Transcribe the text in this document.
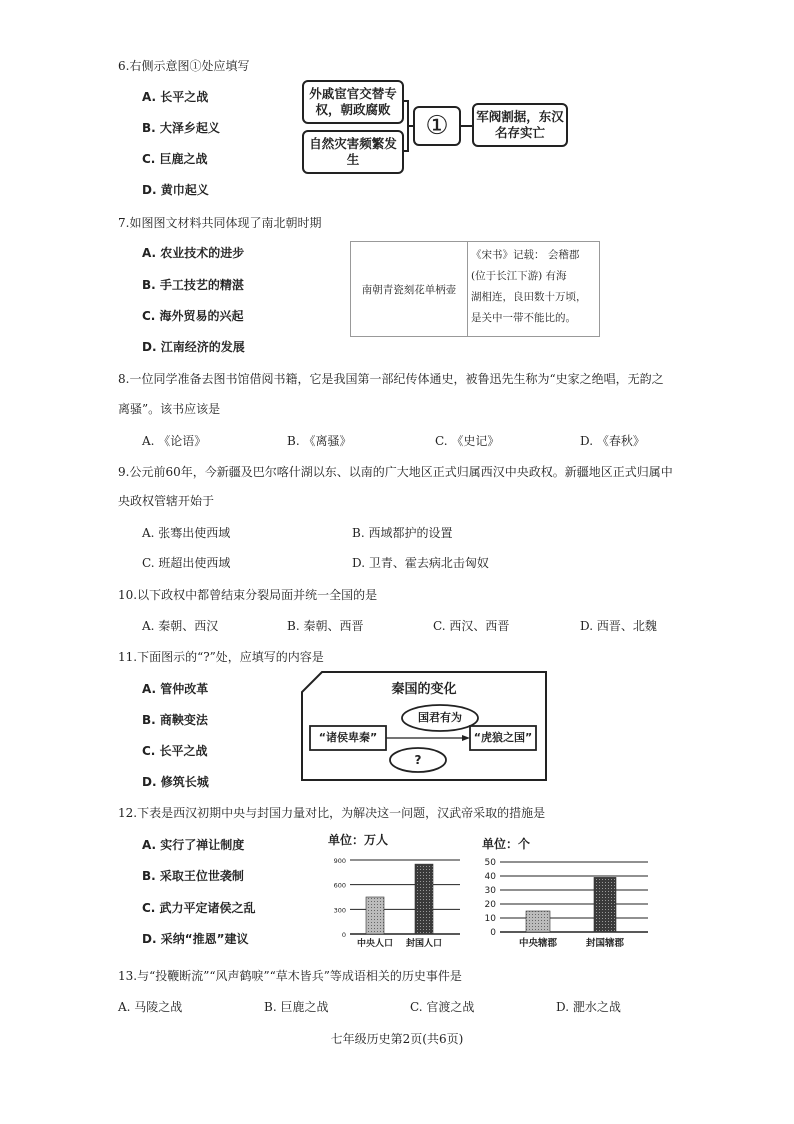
6.右侧示意图①处应填写
A. 长平之战
B. 大泽乡起义
C. 巨鹿之战
D. 黄巾起义
外戚宦官交替专权，朝政腐败
自然灾害频繁发生
①	军阀割据，东汉名存实亡
7.如图图文材料共同体现了南北朝时期
A. 农业技术的进步
B. 手工技艺的精湛
C. 海外贸易的兴起
D. 江南经济的发展
南朝青瓷刻花单柄壶
《宋书》记载： 会稽郡
(位于长江下游) 有海
湖相连，良田数十万顷，
是关中一带不能比的。
8.一位同学准备去图书馆借阅书籍，它是我国第一部纪传体通史，被鲁迅先生称为“史家之绝唱，无韵之
离骚”。该书应该是
A. 《论语》	B. 《离骚》	C. 《史记》	D. 《春秋》
9.公元前60年，今新疆及巴尔喀什湖以东、以南的广大地区正式归属西汉中央政权。新疆地区正式归属中
央政权管辖开始于
A. 张骞出使西域	B. 西域都护的设置
C. 班超出使西域	D. 卫青、霍去病北击匈奴
10.以下政权中都曾结束分裂局面并统一全国的是
A. 秦朝、西汉	B. 秦朝、西晋	C. 西汉、西晋	D. 西晋、北魏
11.下面图示的“?”处，应填写的内容是
A. 管仲改革
B. 商鞅变法
C. 长平之战
D. 修筑长城
秦国的变化
国君有为
“诸侯卑秦”	“虎狼之国”
?
12.下表是西汉初期中央与封国力量对比，为解决这一问题，汉武帝采取的措施是
A. 实行了禅让制度
B. 采取王位世袭制
C. 武力平定诸侯之乱
D. 采纳“推恩”建议
单位：万人
900
600
300
0
中央人口 封国人口
单位：个
50
40
30
20
10
0
中央辖郡	封国辖郡
13.与“投鞭断流”“风声鹤唳”“草木皆兵”等成语相关的历史事件是
A. 马陵之战	B. 巨鹿之战	C. 官渡之战	D. 淝水之战
七年级历史第2页(共6页)
